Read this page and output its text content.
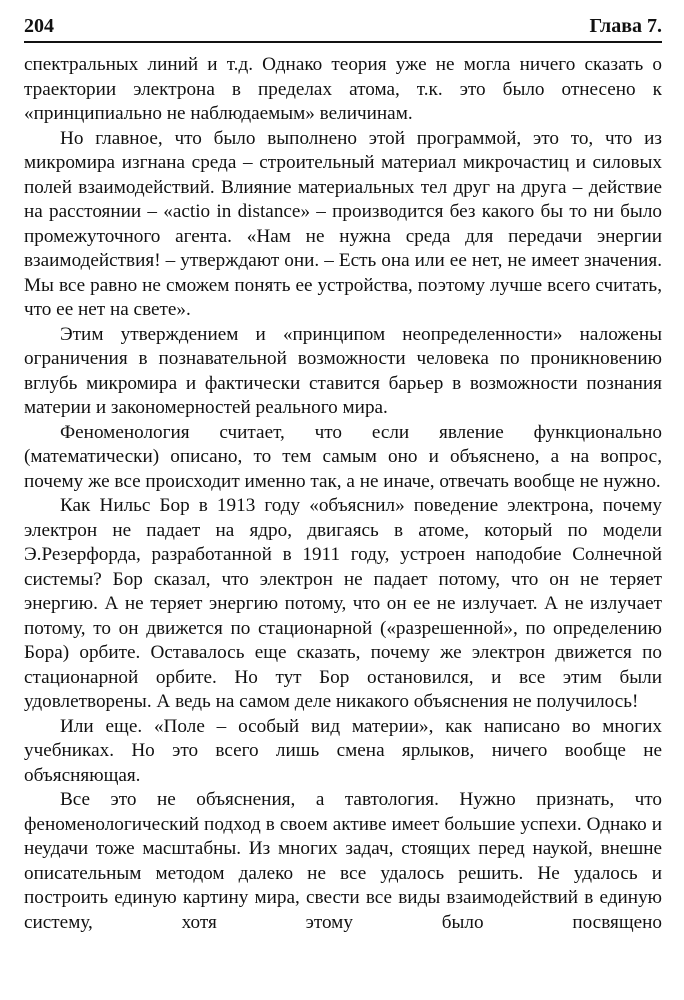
204	Глава 7.

спектральных линий и т.д. Однако теория уже не могла ничего сказать о траектории электрона в пределах атома, т.к. это было отнесено к «принципиально не наблюдаемым» величинам.

Но главное, что было выполнено этой программой, это то, что из микромира изгнана среда – строительный материал микрочастиц и силовых полей взаимодействий. Влияние материальных тел друг на друга – действие на расстоянии – «actio in distance» – производится без какого бы то ни было промежуточного агента. «Нам не нужна среда для передачи энергии взаимодействия! – утверждают они. – Есть она или ее нет, не имеет значения. Мы все равно не сможем понять ее устройства, поэтому лучше всего считать, что ее нет на свете».

Этим утверждением и «принципом неопределенности» наложены ограничения в познавательной возможности человека по проникновению вглубь микромира и фактически ставится барьер в возможности познания материи и закономерностей реального мира.

Феноменология считает, что если явление функционально (математически) описано, то тем самым оно и объяснено, а на вопрос, почему же все происходит именно так, а не иначе, отвечать вообще не нужно.

Как Нильс Бор в 1913 году «объяснил» поведение электрона, почему электрон не падает на ядро, двигаясь в атоме, который по модели Э.Резерфорда, разработанной в 1911 году, устроен наподобие Солнечной системы? Бор сказал, что электрон не падает потому, что он не теряет энергию. А не теряет энергию потому, что он ее не излучает. А не излучает потому, то он движется по стационарной («разрешенной», по определению Бора) орбите. Оставалось еще сказать, почему же электрон движется по стационарной орбите. Но тут Бор остановился, и все этим были удовлетворены. А ведь на самом деле никакого объяснения не получилось!

Или еще. «Поле – особый вид материи», как написано во многих учебниках. Но это всего лишь смена ярлыков, ничего вообще не объясняющая.

Все это не объяснения, а тавтология. Нужно признать, что феноменологический подход в своем активе имеет большие успехи. Однако и неудачи тоже масштабны. Из многих задач, стоящих перед наукой, внешне описательным методом далеко не все удалось решить. Не удалось и построить единую картину мира, свести все виды взаимодействий в единую систему, хотя этому было посвящено
